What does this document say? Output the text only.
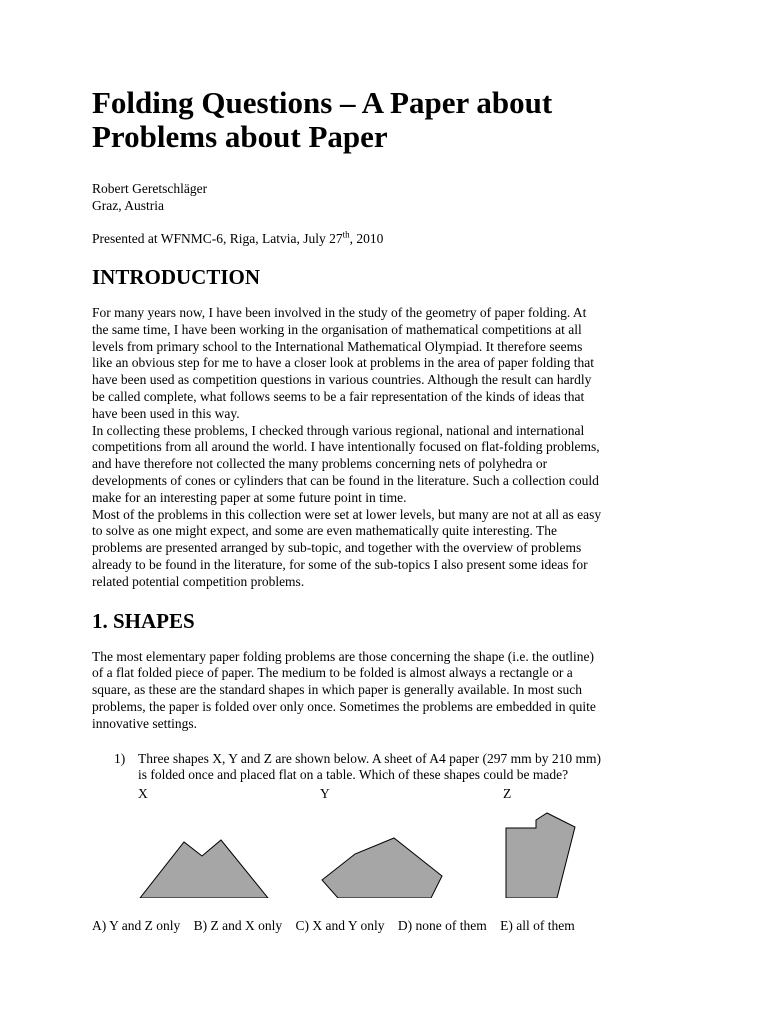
Folding Questions – A Paper about
Problems about Paper
Robert Geretschläger
Graz, Austria
Presented at WFNMC-6, Riga, Latvia, July 27th, 2010
INTRODUCTION

For many years now, I have been involved in the study of the geometry of paper folding. At
the same time, I have been working in the organisation of mathematical competitions at all
levels from primary school to the International Mathematical Olympiad. It therefore seems
like an obvious step for me to have a closer look at problems in the area of paper folding that
have been used as competition questions in various countries. Although the result can hardly
be called complete, what follows seems to be a fair representation of the kinds of ideas that
have been used in this way.

In collecting these problems, I checked through various regional, national and international
competitions from all around the world. I have intentionally focused on flat-folding problems,
and have therefore not collected the many problems concerning nets of polyhedra or
developments of cones or cylinders that can be found in the literature. Such a collection could
make for an interesting paper at some future point in time.

Most of the problems in this collection were set at lower levels, but many are not at all as easy
to solve as one might expect, and some are even mathematically quite interesting. The
problems are presented arranged by sub-topic, and together with the overview of problems
already to be found in the literature, for some of the sub-topics I also present some ideas for
related potential competition problems.

1. SHAPES

The most elementary paper folding problems are those concerning the shape (i.e. the outline)
of a flat folded piece of paper. The medium to be folded is almost always a rectangle or a
square, as these are the standard shapes in which paper is generally available. In most such
problems, the paper is folded over only once. Sometimes the problems are embedded in quite
innovative settings.

1) Three shapes X, Y and Z are shown below. A sheet of A4 paper (297 mm by 210 mm)
is folded once and placed flat on a table. Which of these shapes could be made?
X	Y	Z
A) Y and Z only B) Z and X only C) X and Y only D) none of them E) all of them
